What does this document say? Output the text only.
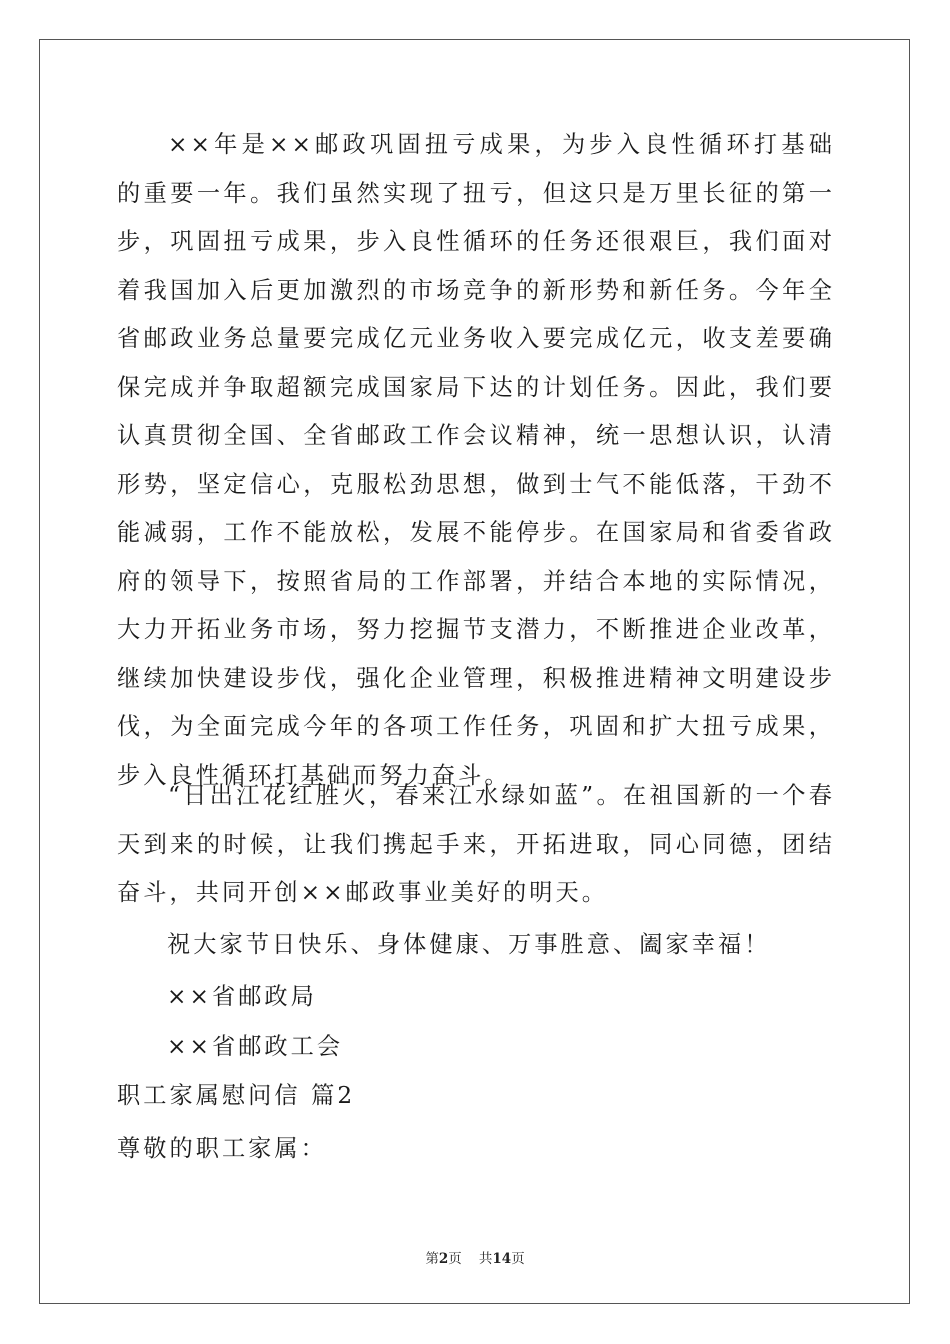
××年是××邮政巩固扭亏成果，为步入良性循环打基础的重要一年。我们虽然实现了扭亏，但这只是万里长征的第一步，巩固扭亏成果，步入良性循环的任务还很艰巨，我们面对着我国加入后更加激烈的市场竞争的新形势和新任务。今年全省邮政业务总量要完成亿元业务收入要完成亿元，收支差要确保完成并争取超额完成国家局下达的计划任务。因此，我们要认真贯彻全国、全省邮政工作会议精神，统一思想认识，认清形势，坚定信心，克服松劲思想，做到士气不能低落，干劲不能减弱，工作不能放松，发展不能停步。在国家局和省委省政府的领导下，按照省局的工作部署，并结合本地的实际情况，大力开拓业务市场，努力挖掘节支潜力，不断推进企业改革，继续加快建设步伐，强化企业管理，积极推进精神文明建设步伐，为全面完成今年的各项工作任务，巩固和扩大扭亏成果，步入良性循环打基础而努力奋斗。

“日出江花红胜火，春来江水绿如蓝”。在祖国新的一个春天到来的时候，让我们携起手来，开拓进取，同心同德，团结奋斗，共同开创××邮政事业美好的明天。

祝大家节日快乐、身体健康、万事胜意、阖家幸福！

××省邮政局

××省邮政工会

职工家属慰问信 篇2

尊敬的职工家属：

第2页    共14页
